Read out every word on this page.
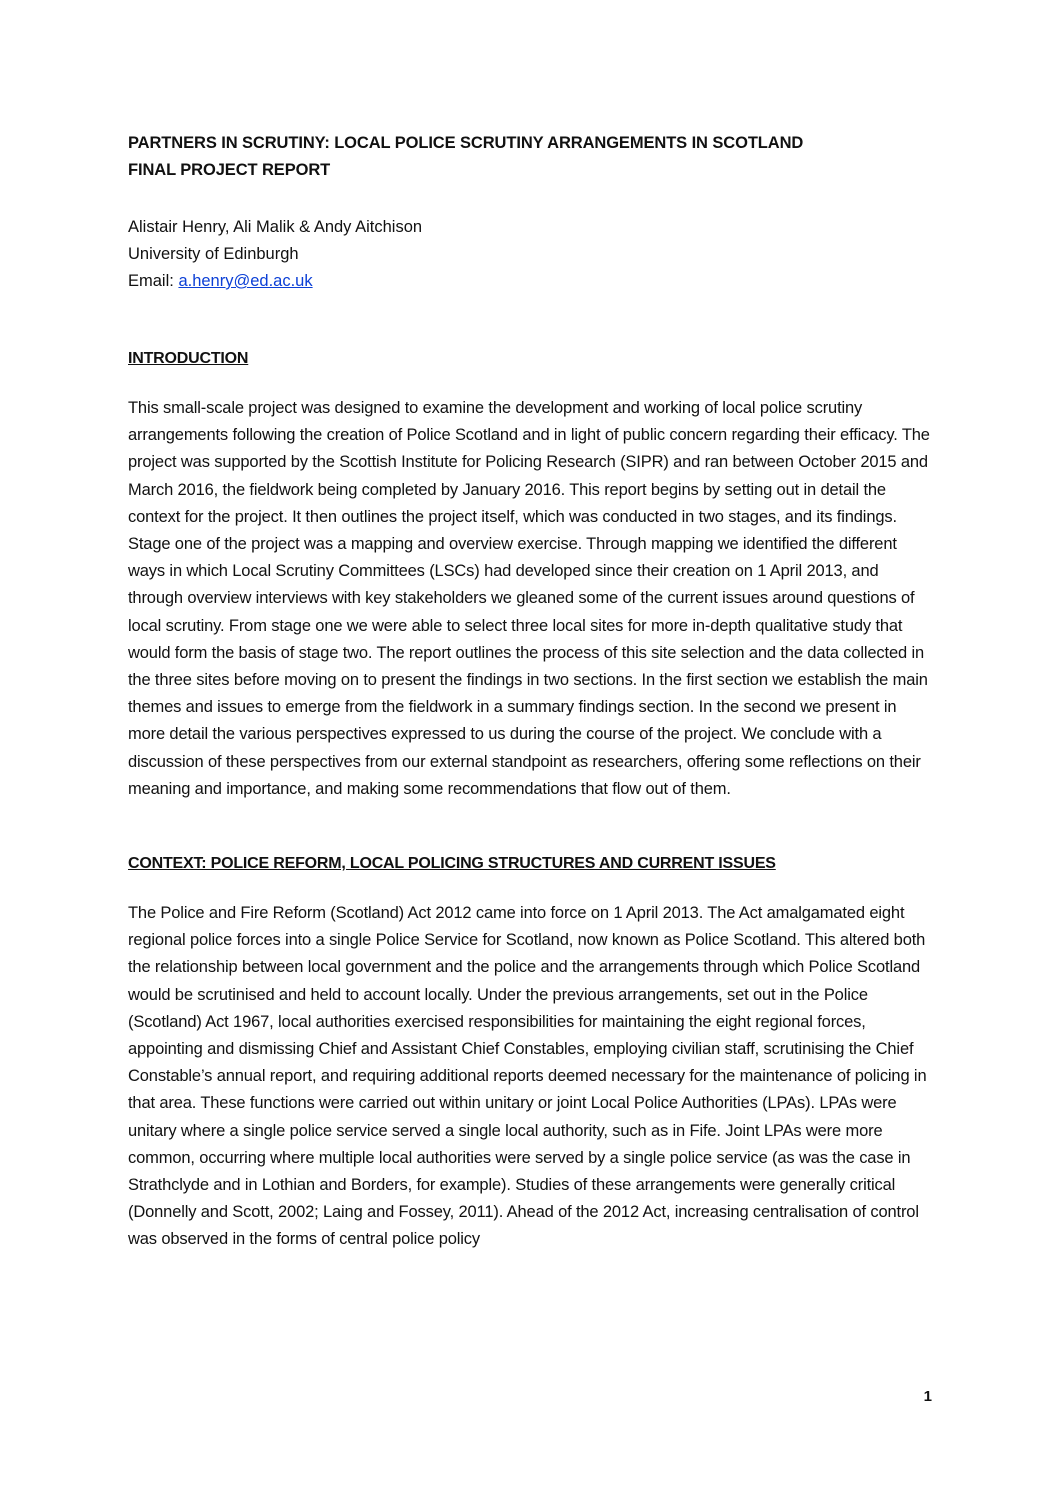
PARTNERS IN SCRUTINY: LOCAL POLICE SCRUTINY ARRANGEMENTS IN SCOTLAND
FINAL PROJECT REPORT
Alistair Henry, Ali Malik & Andy Aitchison
University of Edinburgh
Email: a.henry@ed.ac.uk
INTRODUCTION

This small-scale project was designed to examine the development and working of local police scrutiny arrangements following the creation of Police Scotland and in light of public concern regarding their efficacy. The project was supported by the Scottish Institute for Policing Research (SIPR) and ran between October 2015 and March 2016, the fieldwork being completed by January 2016. This report begins by setting out in detail the context for the project. It then outlines the project itself, which was conducted in two stages, and its findings. Stage one of the project was a mapping and overview exercise. Through mapping we identified the different ways in which Local Scrutiny Committees (LSCs) had developed since their creation on 1 April 2013, and through overview interviews with key stakeholders we gleaned some of the current issues around questions of local scrutiny. From stage one we were able to select three local sites for more in-depth qualitative study that would form the basis of stage two. The report outlines the process of this site selection and the data collected in the three sites before moving on to present the findings in two sections. In the first section we establish the main themes and issues to emerge from the fieldwork in a summary findings section. In the second we present in more detail the various perspectives expressed to us during the course of the project. We conclude with a discussion of these perspectives from our external standpoint as researchers, offering some reflections on their meaning and importance, and making some recommendations that flow out of them.

CONTEXT: POLICE REFORM, LOCAL POLICING STRUCTURES AND CURRENT ISSUES

The Police and Fire Reform (Scotland) Act 2012 came into force on 1 April 2013. The Act amalgamated eight regional police forces into a single Police Service for Scotland, now known as Police Scotland. This altered both the relationship between local government and the police and the arrangements through which Police Scotland would be scrutinised and held to account locally. Under the previous arrangements, set out in the Police (Scotland) Act 1967, local authorities exercised responsibilities for maintaining the eight regional forces, appointing and dismissing Chief and Assistant Chief Constables, employing civilian staff, scrutinising the Chief Constable’s annual report, and requiring additional reports deemed necessary for the maintenance of policing in that area. These functions were carried out within unitary or joint Local Police Authorities (LPAs). LPAs were unitary where a single police service served a single local authority, such as in Fife. Joint LPAs were more common, occurring where multiple local authorities were served by a single police service (as was the case in Strathclyde and in Lothian and Borders, for example). Studies of these arrangements were generally critical (Donnelly and Scott, 2002; Laing and Fossey, 2011). Ahead of the 2012 Act, increasing centralisation of control was observed in the forms of central police policy

1
